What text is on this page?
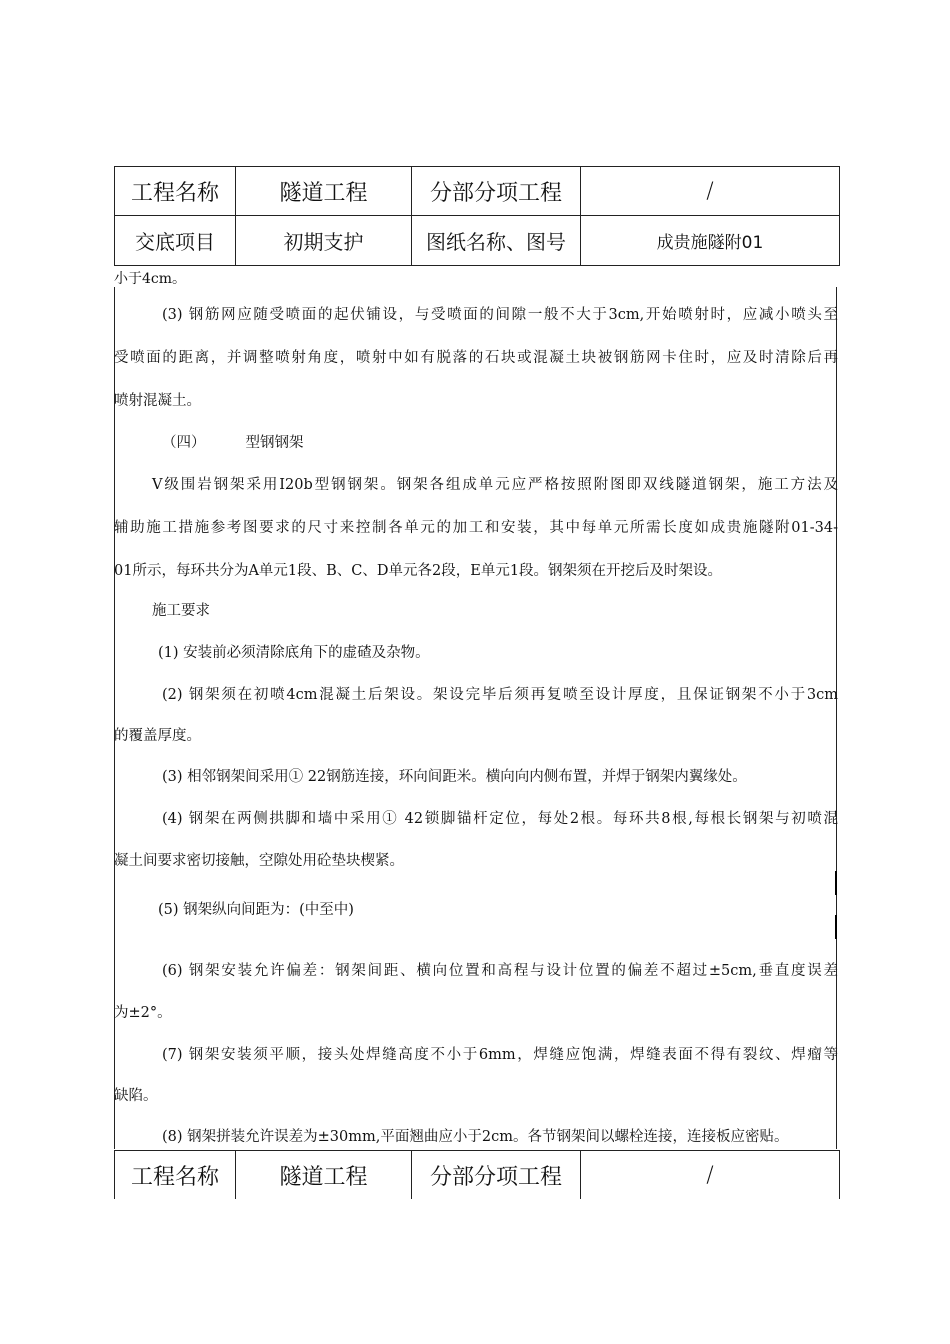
工程名称	隧道工程	分部分项工程	/
交底项目	初期支护	图纸名称、图号	成贵施隧附01
小于4cm。
(3) 钢筋网应随受喷面的起伏铺设，与受喷面的间隙一般不大于3cm,开始喷射时，应减小喷头至
受喷面的距离，并调整喷射角度，喷射中如有脱落的石块或混凝土块被钢筋网卡住时，应及时清除后再
喷射混凝土。
（四）	型钢钢架
V级围岩钢架采用I20b型钢钢架。钢架各组成单元应严格按照附图即双线隧道钢架，施工方法及
辅助施工措施参考图要求的尺寸来控制各单元的加工和安装，其中每单元所需长度如成贵施隧附01-34-
01所示，每环共分为A单元1段、B、C、D单元各2段，E单元1段。钢架须在开挖后及时架设。
施工要求
(1) 安装前必须清除底角下的虚碴及杂物。
(2) 钢架须在初喷4cm混凝土后架设。架设完毕后须再复喷至设计厚度，且保证钢架不小于3cm
的覆盖厚度。
(3) 相邻钢架间采用① 22钢筋连接，环向间距米。横向向内侧布置，并焊于钢架内翼缘处。
(4) 钢架在两侧拱脚和墙中采用① 42锁脚锚杆定位，每处2根。每环共8根,每根长钢架与初喷混
凝土间要求密切接触，空隙处用砼垫块楔紧。
(5) 钢架纵向间距为：(中至中)
(6) 钢架安装允许偏差：钢架间距、横向位置和高程与设计位置的偏差不超过±5cm,垂直度误差
为±2°。
(7) 钢架安装须平顺，接头处焊缝高度不小于6mm，焊缝应饱满，焊缝表面不得有裂纹、焊瘤等
缺陷。
(8) 钢架拼装允许误差为±30mm,平面翘曲应小于2cm。各节钢架间以螺栓连接，连接板应密贴。
工程名称	隧道工程	分部分项工程	/
